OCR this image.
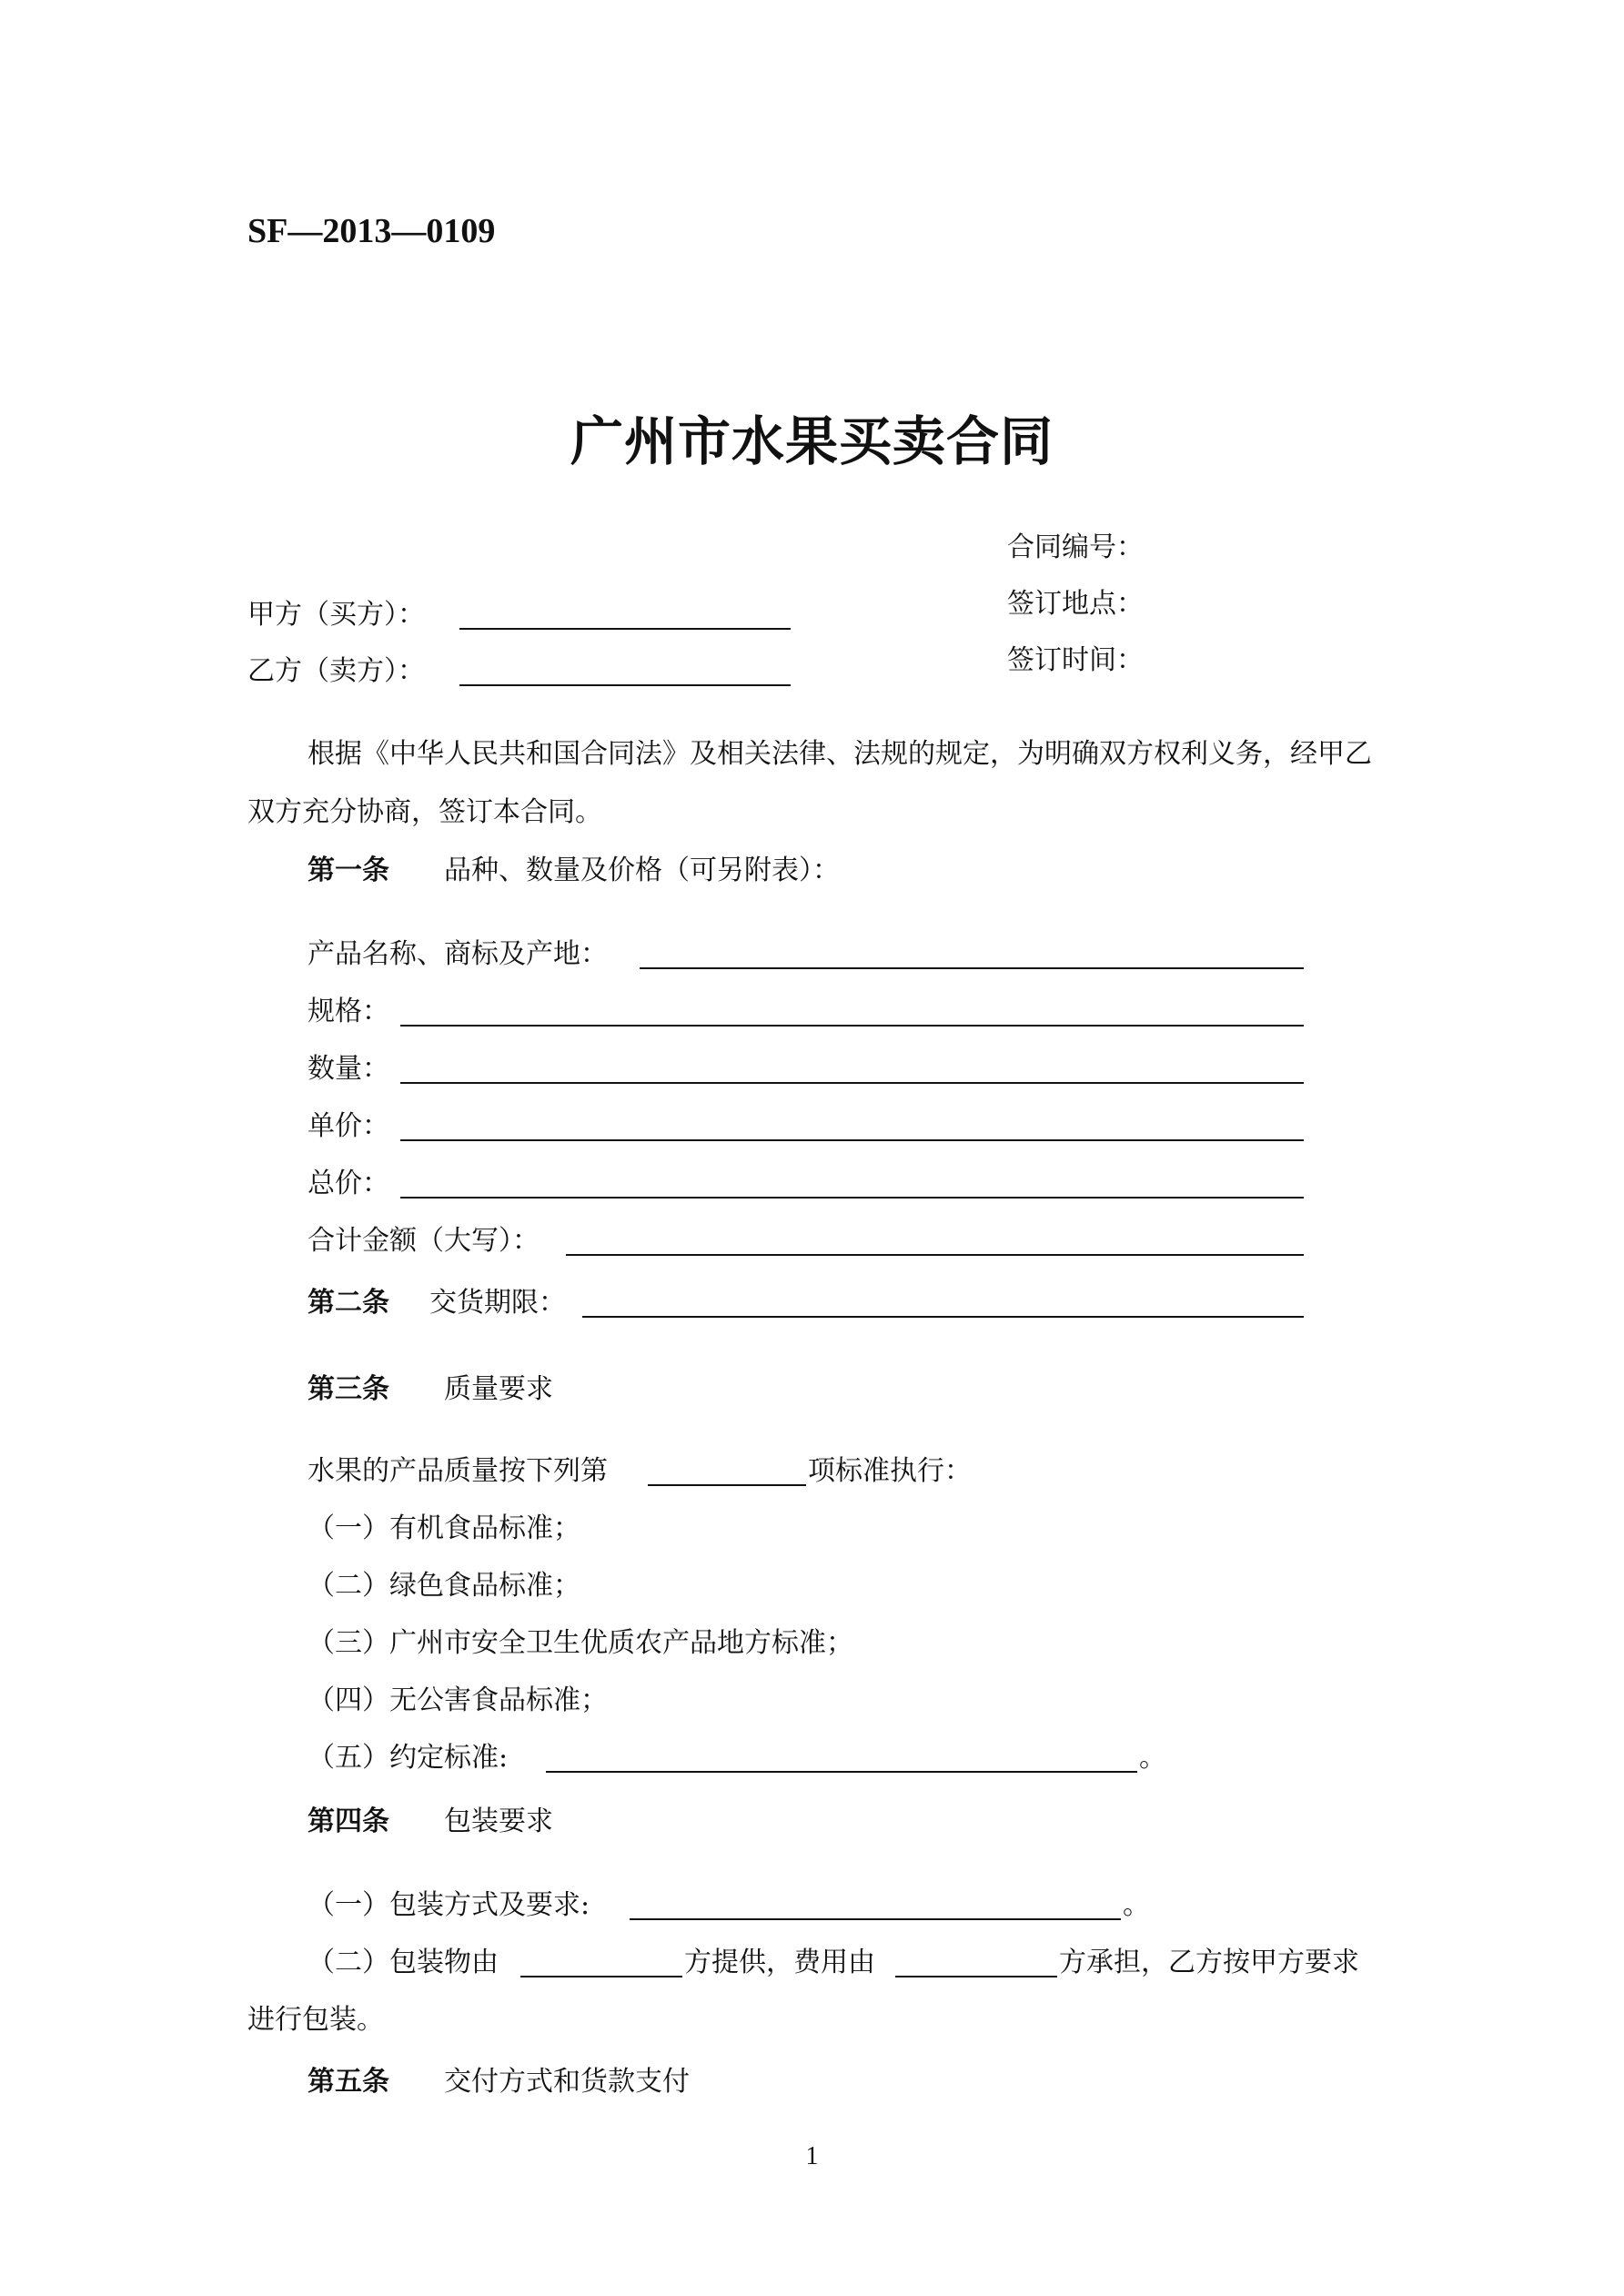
SF—2013—0109
广州市水果买卖合同
合同编号：
签订地点：
签订时间：
甲方（买方）：
乙方（卖方）：
根据《中华人民共和国合同法》及相关法律、法规的规定，为明确双方权利义务，经甲乙双方充分协商，签订本合同。
第一条 品种、数量及价格（可另附表）：
产品名称、商标及产地：
规格：
数量：
单价：
总价：
合计金额（大写）：
第二条 交货期限：
第三条 质量要求
水果的产品质量按下列第	项标准执行：
（一）有机食品标准；
（二）绿色食品标准；
（三）广州市安全卫生优质农产品地方标准；
（四）无公害食品标准；
（五）约定标准:	。
第四条 包装要求
（一）包装方式及要求:	。
（二）包装物由	方提供，费用由	方承担，乙方按甲方要求
进行包装。
第五条 交付方式和货款支付
1
